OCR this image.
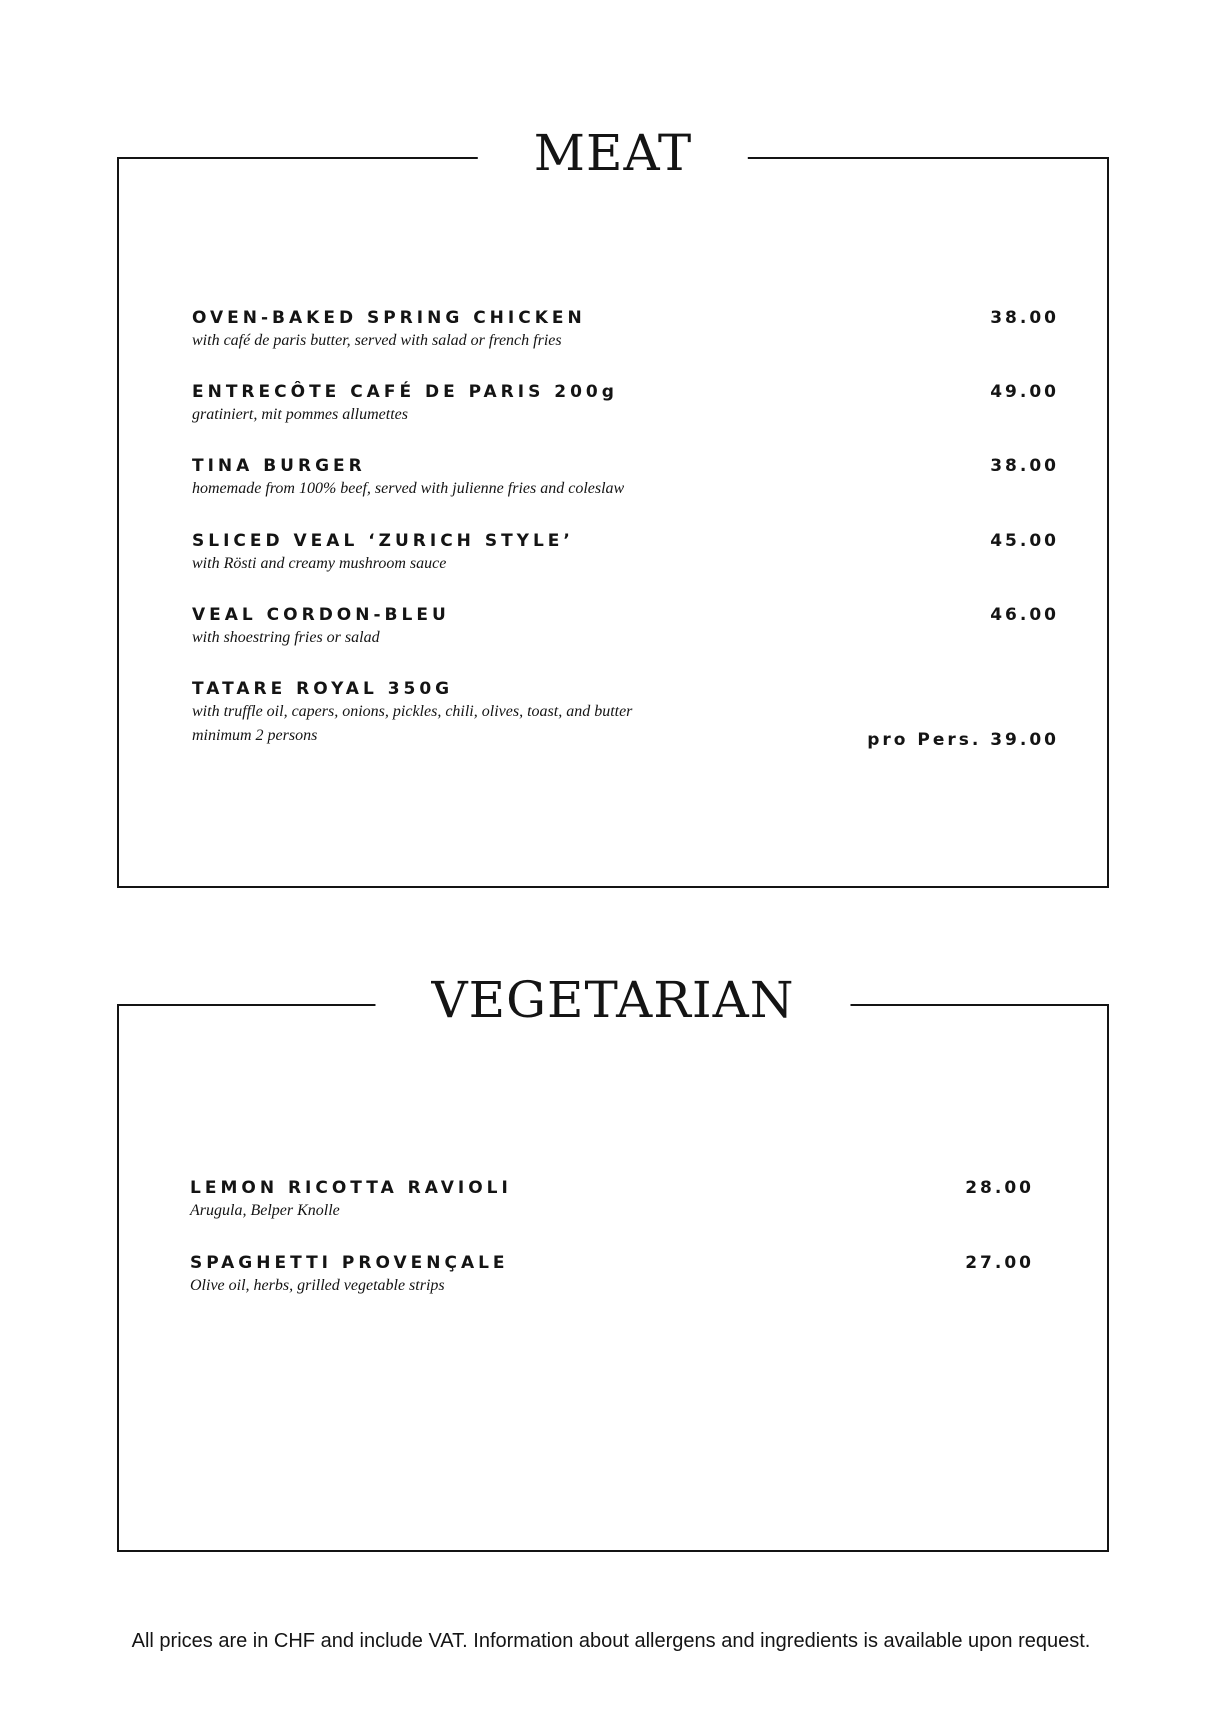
MEAT
OVEN-BAKED SPRING CHICKEN
with café de paris butter, served with salad or french fries
38.00
ENTRECÔTE CAFÉ DE PARIS 200g
gratiniert, mit pommes allumettes
49.00
TINA BURGER
homemade from 100% beef, served with julienne fries and coleslaw
38.00
SLICED VEAL ‘ZURICH STYLE’
with Rösti and creamy mushroom sauce
45.00
VEAL CORDON-BLEU
with shoestring fries or salad
46.00
TATARE ROYAL 350G
with truffle oil, capers, onions, pickles, chili, olives, toast, and butter
minimum 2 persons	pro Pers. 39.00
VEGETARIAN
LEMON RICOTTA RAVIOLI
Arugula, Belper Knolle
28.00
SPAGHETTI PROVENÇALE
Olive oil, herbs, grilled vegetable strips
27.00
All prices are in CHF and include VAT. Information about allergens and ingredients is available upon request.
